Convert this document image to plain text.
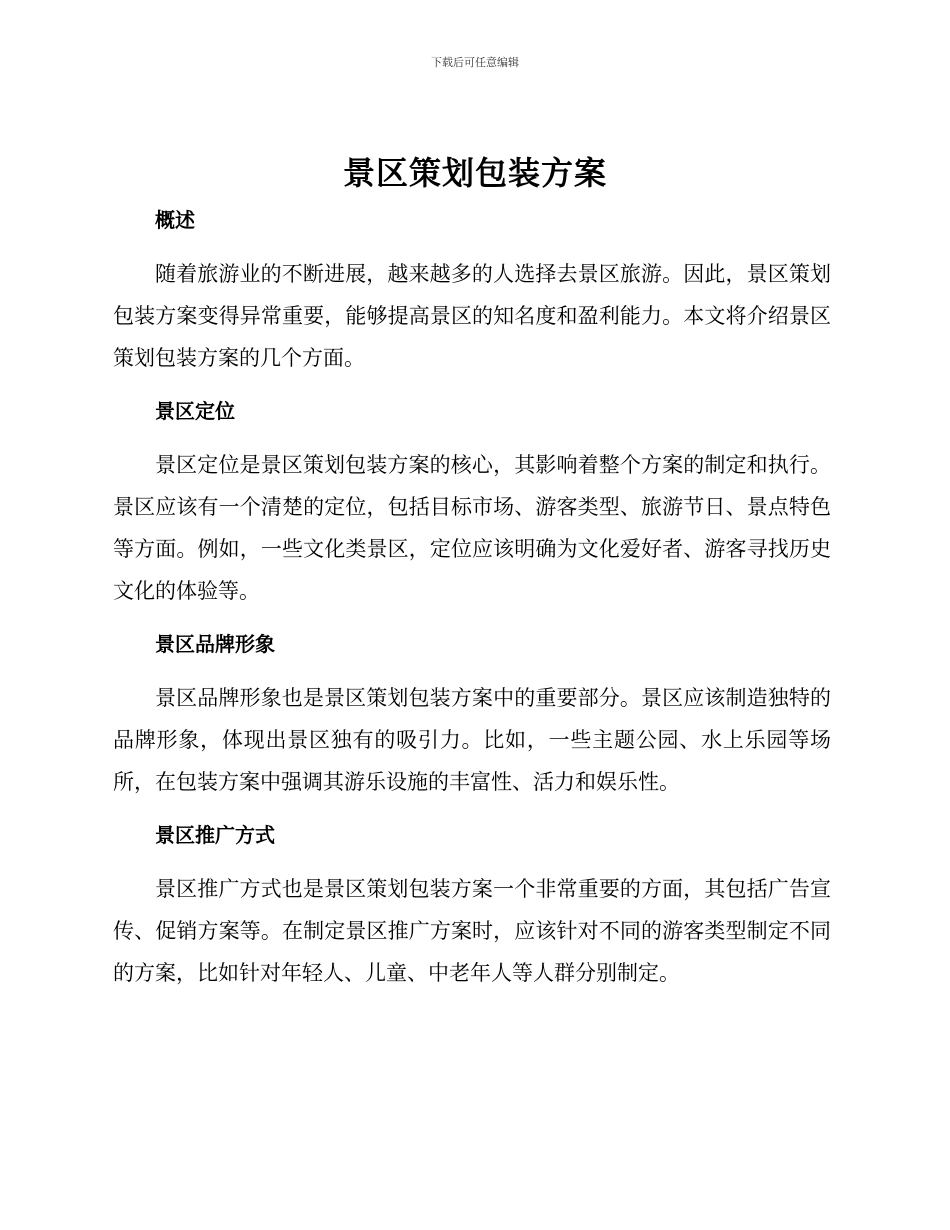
下载后可任意编辑
景区策划包装方案
概述

随着旅游业的不断进展，越来越多的人选择去景区旅游。因此，景区策划包装方案变得异常重要，能够提高景区的知名度和盈利能力。本文将介绍景区策划包装方案的几个方面。

景区定位

景区定位是景区策划包装方案的核心，其影响着整个方案的制定和执行。景区应该有一个清楚的定位，包括目标市场、游客类型、旅游节日、景点特色等方面。例如，一些文化类景区，定位应该明确为文化爱好者、游客寻找历史文化的体验等。

景区品牌形象

景区品牌形象也是景区策划包装方案中的重要部分。景区应该制造独特的品牌形象，体现出景区独有的吸引力。比如，一些主题公园、水上乐园等场所，在包装方案中强调其游乐设施的丰富性、活力和娱乐性。

景区推广方式

景区推广方式也是景区策划包装方案一个非常重要的方面，其包括广告宣传、促销方案等。在制定景区推广方案时，应该针对不同的游客类型制定不同的方案，比如针对年轻人、儿童、中老年人等人群分别制定。
